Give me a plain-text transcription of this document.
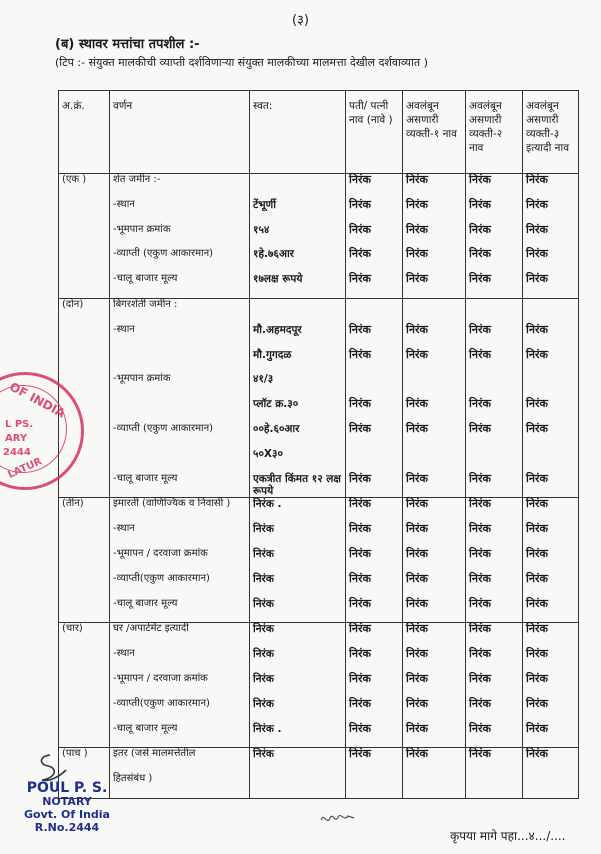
(३)
(ब) स्थावर मत्तांचा तपशील :-
(टिप :- संयुक्त मालकीची व्याप्ती दर्शविणाऱ्या संयुक्त मालकीच्या मालमत्ता देखील दर्शवाव्यात )
अ.क्रं.	वर्णन	स्वत:	पती/ पत्नी नाव (नावे )	अवलंबून असणारी व्यक्ती-१ नाव	अवलंबून असणारी व्यक्ती-२ नाव	अवलंबून असणारी व्यक्ती-३ इत्यादी नाव
(एक )	शेत जमीन :-		निरंक	निरंक	निरंक	निरंक
	-स्थान	टेंभूर्णी	निरंक	निरंक	निरंक	निरंक
	-भूमपान क्रमांक	१५४	निरंक	निरंक	निरंक	निरंक
	-व्याप्ती (एकुण आकारमान)	१हे.७६आर	निरंक	निरंक	निरंक	निरंक
	-चालू बाजार मूल्य	१७लक्ष रूपये	निरंक	निरंक	निरंक	निरंक
(दोन)	बिगरशेती जमीन :					
	-स्थान	मौ.अहमदपूर	निरंक	निरंक	निरंक	निरंक
		मौ.गुगदळ	निरंक	निरंक	निरंक	निरंक
	-भूमपान क्रमांक	४१/३				
		प्लॉट क्र.३०	निरंक	निरंक	निरंक	निरंक
	-व्याप्ती (एकुण आकारमान)	००हे.६०आर	निरंक	निरंक	निरंक	निरंक
		५०X३०				
	-चालू बाजार मूल्य	एकत्रीत किंमत १२ लक्ष रूपये	निरंक	निरंक	निरंक	निरंक
(तीन)	इमारती (वाणिज्यिक व निवासी )	निरंक .	निरंक	निरंक	निरंक	निरंक
	-स्थान	निरंक	निरंक	निरंक	निरंक	निरंक
	-भूमापन / दरवाजा क्रमांक	निरंक	निरंक	निरंक	निरंक	निरंक
	-व्याप्ती(एकुण आकारमान)	निरंक	निरंक	निरंक	निरंक	निरंक
	-चालू बाजार मूल्य	निरंक	निरंक	निरंक	निरंक	निरंक
(चार)	घर /अपार्टमेंट इत्यादी	निरंक	निरंक	निरंक	निरंक	निरंक
	-स्थान	निरंक	निरंक	निरंक	निरंक	निरंक
	-भूमापन / दरवाजा क्रमांक	निरंक	निरंक	निरंक	निरंक	निरंक
	-व्याप्ती(एकुण आकारमान)	निरंक	निरंक	निरंक	निरंक	निरंक
	-चालू बाजार मूल्य	निरंक .	निरंक	निरंक	निरंक	निरंक
(पाच )	इतर (जसे मालमत्तेतील	निरंक	निरंक	निरंक	निरंक	निरंक
	हितसंबंध )					
OF INDIA
L PS.
ARY
2444
LATUR
POUL P. S.
NOTARY
Govt. Of India
R.No.2444
कृपया मागे पहा...४.../....
